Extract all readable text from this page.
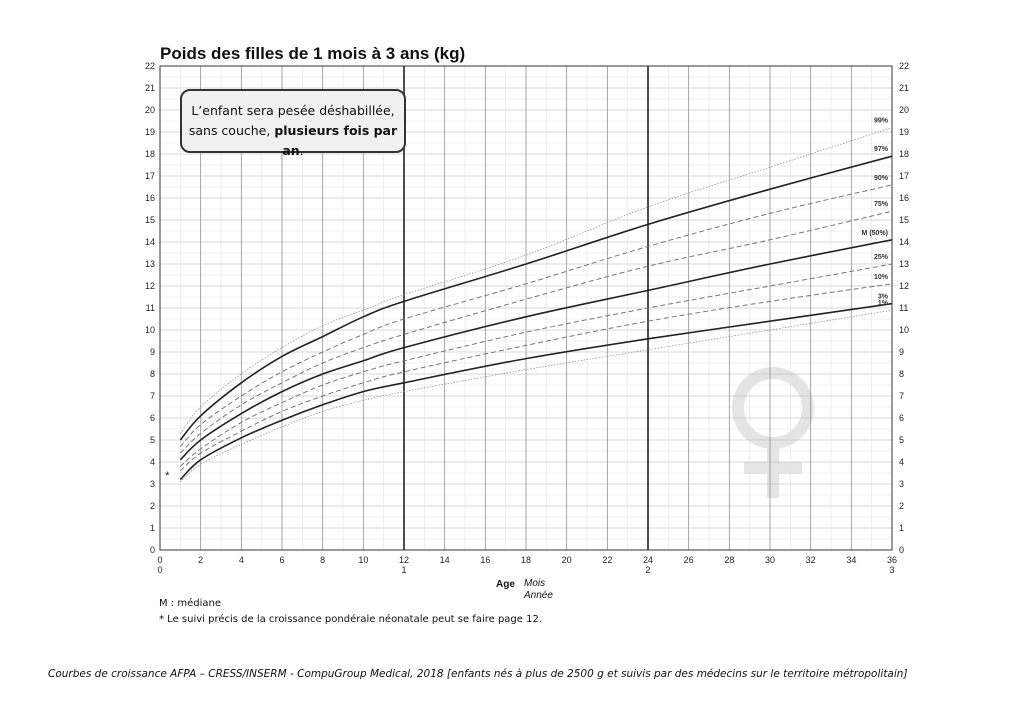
0	0
1	1
2	2
3	3
4	4
5	5
6	6
7	7
8	8
9	9
10	10
11	11
12	12
13	13
14	14
15	15
16	16
17	17
18	18
19	19
20	20
21	21
22	22
0	2	4	6	8	10	12	14	16	18	20	22	24	26	28	30	32	34	36
0	1	2	3
99%
97%
90%
75%
M (50%)
25%
10%
3%
1%
*
Poids des filles de 1 mois à 3 ans (kg)
L’enfant sera pesée déshabillée,
sans couche, plusieurs fois par an.
Age Mois
Année
M : médiane
* Le suivi précis de la croissance pondérale néonatale peut se faire page 12.
Courbes de croissance AFPA – CRESS/INSERM - CompuGroup Medical, 2018 [enfants nés à plus de 2500 g et suivis par des médecins sur le territoire métropolitain]
